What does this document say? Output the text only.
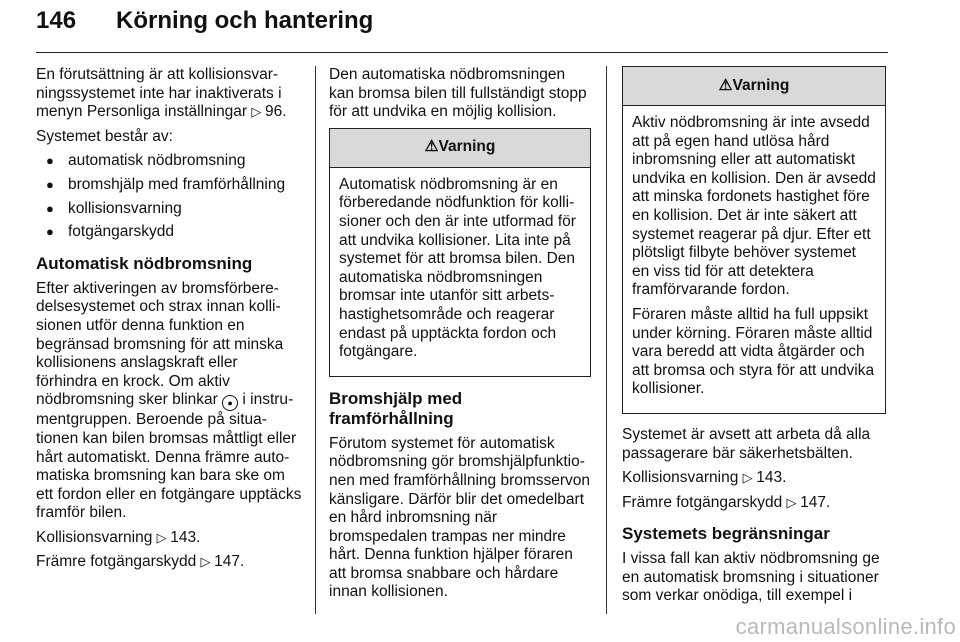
146 Körning och hantering

En förutsättning är att kollisionsvarningssystemet inte har inaktiverats i menyn Personliga inställningar ▷ 96.

Systemet består av:

● automatisk nödbromsning
● bromshjälp med framförhållning
● kollisionsvarning
● fotgängarskydd
Automatisk nödbromsning

Efter aktiveringen av bromsförberedelsesystemet och strax innan kollisionen utför denna funktion en begränsad bromsning för att minska kollisionens anslagskraft eller förhindra en krock. Om aktiv nödbromsning sker blinkar ● i instrumentgruppen. Beroende på situationen kan bilen bromsas måttligt eller hårt automatiskt. Denna främre automatiska bromsning kan bara ske om ett fordon eller en fotgängare upptäcks framför bilen.

Kollisionsvarning ▷ 143.

Främre fotgängarskydd ▷ 147.

Den automatiska nödbromsningen kan bromsa bilen till fullständigt stopp för att undvika en möjlig kollision.

⚠ Varning

Automatisk nödbromsning är en förberedande nödfunktion för kollisioner och den är inte utformad för att undvika kollisioner. Lita inte på systemet för att bromsa bilen. Den automatiska nödbromsningen bromsar inte utanför sitt arbetshastighetsområde och reagerar endast på upptäckta fordon och fotgängare.

Bromshjälp med framförhållning

Förutom systemet för automatisk nödbromsning gör bromshjälpfunktionen med framförhållning bromsservon känsligare. Därför blir det omedelbart en hård inbromsning när bromspedalen trampas ner mindre hårt. Denna funktion hjälper föraren att bromsa snabbare och hårdare innan kollisionen.

⚠ Varning

Aktiv nödbromsning är inte avsedd att på egen hand utlösa hård inbromsning eller att automatiskt undvika en kollision. Den är avsedd att minska fordonets hastighet före en kollision. Det är inte säkert att systemet reagerar på djur. Efter ett plötsligt filbyte behöver systemet en viss tid för att detektera framförvarande fordon.

Föraren måste alltid ha full uppsikt under körning. Föraren måste alltid vara beredd att vidta åtgärder och att bromsa och styra för att undvika kollisioner.

Systemet är avsett att arbeta då alla passagerare bär säkerhetsbälten.

Kollisionsvarning ▷ 143.

Främre fotgängarskydd ▷ 147.

Systemets begränsningar

I vissa fall kan aktiv nödbromsning ge en automatisk bromsning i situationer som verkar onödiga, till exempel i

carmanualsonline.info
